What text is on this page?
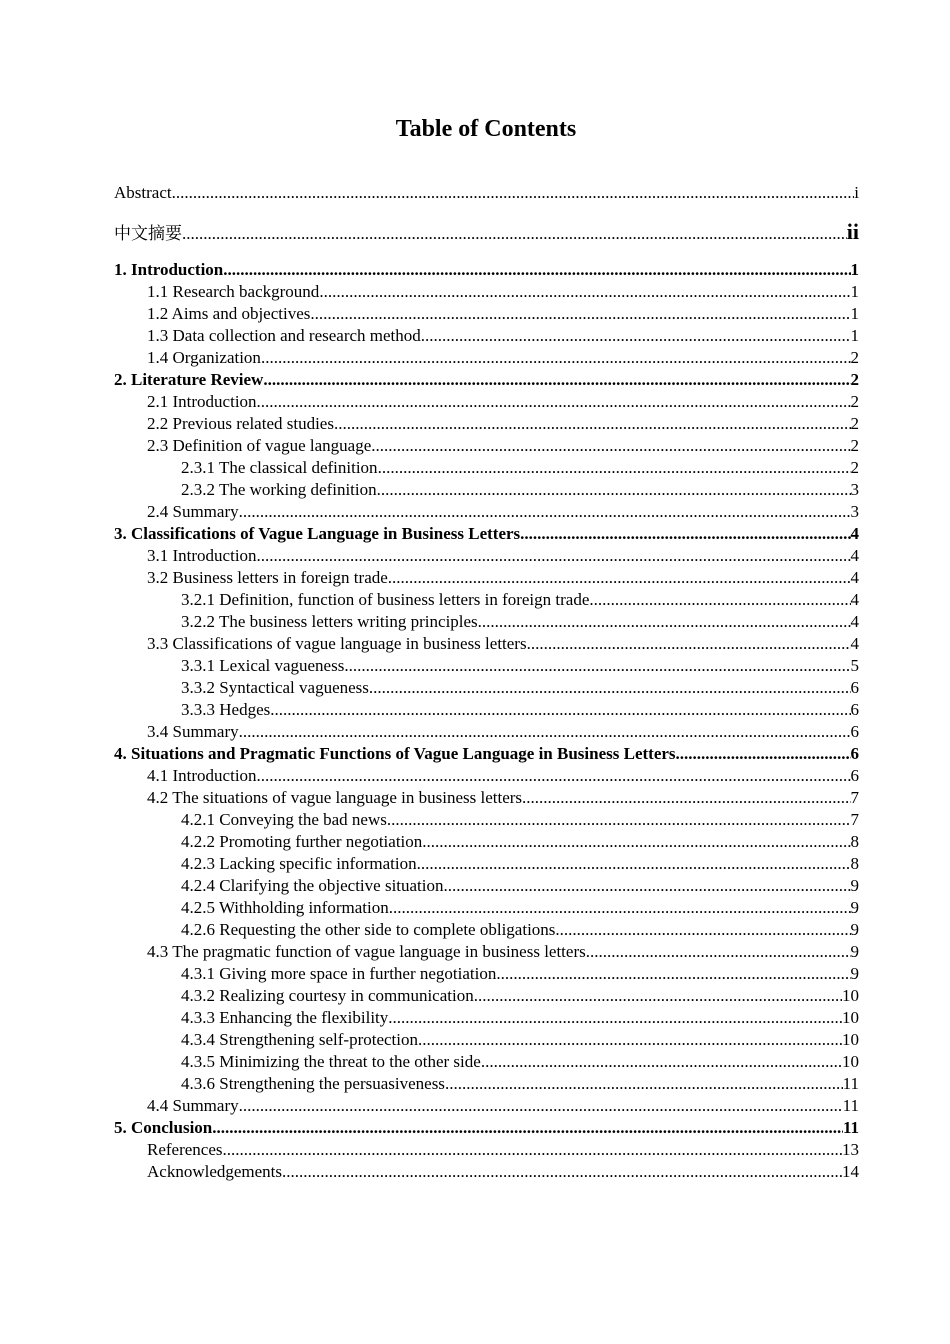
Table of Contents
Abstract .....	i
中文摘要 .....	ii
1. Introduction .....	1
1.1 Research background .....	1
1.2 Aims and objectives .....	1
1.3 Data collection and research method .....	1
1.4 Organization .....	2
2. Literature Review .....	2
2.1 Introduction .....	2
2.2 Previous related studies .....	2
2.3 Definition of vague language .....	2
2.3.1 The classical definition .....	2
2.3.2 The working definition .....	3
2.4 Summary .....	3
3. Classifications of Vague Language in Business Letters .....	4
3.1 Introduction .....	4
3.2 Business letters in foreign trade .....	4
3.2.1 Definition, function of business letters in foreign trade .....	4
3.2.2 The business letters writing principles .....	4
3.3 Classifications of vague language in business letters .....	4
3.3.1 Lexical vagueness .....	5
3.3.2 Syntactical vagueness .....	6
3.3.3 Hedges .....	6
3.4 Summary .....	6
4. Situations and Pragmatic Functions of Vague Language in Business Letters .....	6
4.1 Introduction .....	6
4.2 The situations of vague language in business letters .....	7
4.2.1 Conveying the bad news .....	7
4.2.2 Promoting further negotiation .....	8
4.2.3 Lacking specific information .....	8
4.2.4 Clarifying the objective situation .....	9
4.2.5 Withholding information .....	9
4.2.6 Requesting the other side to complete obligations .....	9
4.3 The pragmatic function of vague language in business letters .....	9
4.3.1 Giving more space in further negotiation .....	9
4.3.2 Realizing courtesy in communication .....	10
4.3.3 Enhancing the flexibility .....	10
4.3.4 Strengthening self-protection .....	10
4.3.5 Minimizing the threat to the other side .....	10
4.3.6 Strengthening the persuasiveness .....	11
4.4 Summary .....	11
5. Conclusion .....	11
References .....	13
Acknowledgements .....	14
